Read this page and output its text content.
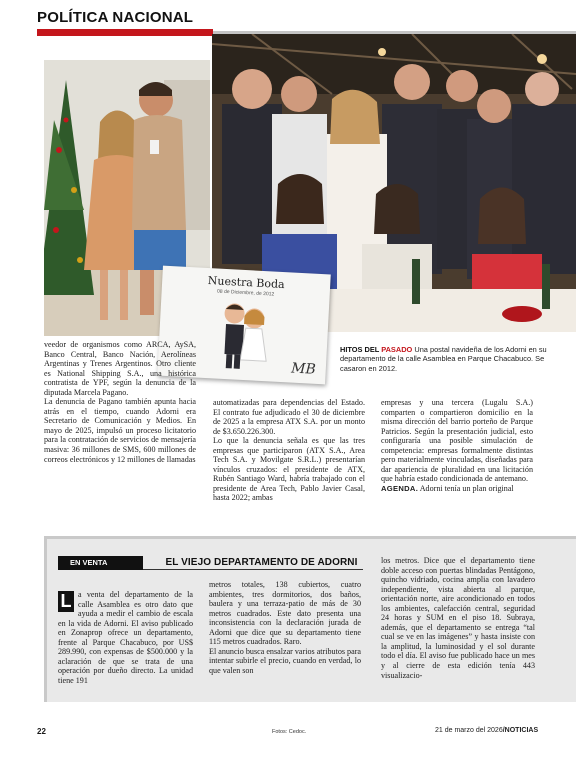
POLÍTICA NACIONAL
Nuestra Boda
08 de Diciembre, de 2012
MB
HITOS DEL PASADO Una postal navideña de los Adorni en su departamento de la calle Asamblea en Parque Chacabuco. Se casaron en 2012.

veedor de organismos como ARCA, AySA, Banco Central, Banco Nación, Aerolíneas Argentinas y Trenes Argentinos. Otro cliente es National Shipping S.A., una histórica contratista de YPF, según la denuncia de la diputada Marcela Pagano.

La denuncia de Pagano también apunta hacia atrás en el tiempo, cuando Adorni era Secretario de Comunicación y Medios. En mayo de 2025, impulsó un proceso licitatorio para la contratación de servicios de mensajería masiva: 36 millones de SMS, 600 millones de correos electrónicos y 12 millones de llamadas

automatizadas para dependencias del Estado. El contrato fue adjudicado el 30 de diciembre de 2025 a la empresa ATX S.A. por un monto de $3.650.226.300.

Lo que la denuncia señala es que las tres empresas que participaron (ATX S.A., Area Tech S.A. y Movilgate S.R.L.) presentarían vínculos cruzados: el presidente de ATX, Rubén Santiago Ward, habría trabajado con el presidente de Area Tech, Pablo Javier Casal, hasta 2022; ambas

empresas y una tercera (Lugalu S.A.) comparten o compartieron domicilio en la misma dirección del barrio porteño de Parque Patricios. Según la presentación judicial, esto configuraría una posible simulación de competencia: empresas formalmente distintas pero materialmente vinculadas, diseñadas para dar apariencia de pluralidad en una licitación que habría estado condicionada de antemano.

AGENDA. Adorni tenía un plan original

EN VENTA	EL VIEJO DEPARTAMENTO DE ADORNI

L a venta del departamento de la calle Asamblea es otro dato que ayuda a medir el cambio de escala en la vida de Adorni. El aviso publicado en Zonaprop ofrece un departamento, frente al Parque Chacabuco, por US$ 289.990, con expensas de $500.000 y la aclaración de que se trata de una operación por dueño directo. La unidad tiene 191

metros totales, 138 cubiertos, cuatro ambientes, tres dormitorios, dos baños, baulera y una terraza-patio de más de 30 metros cuadrados. Este dato presenta una inconsistencia con la declaración jurada de Adorni que dice que su departamento tiene 115 metros cuadrados. Raro.

El anuncio busca ensalzar varios atributos para intentar subirle el precio, cuando en verdad, lo que valen son

los metros. Dice que el departamento tiene doble acceso con puertas blindadas Pentágono, quincho vidriado, cocina amplia con lavadero independiente, vista abierta al parque, orientación norte, aire acondicionado en todos los ambientes, calefacción central, seguridad 24 horas y SUM en el piso 18. Subraya, además, que el departamento se entrega “tal cual se ve en las imágenes” y hasta insiste con la amplitud, la luminosidad y el sol durante todo el día. El aviso fue publicado hace un mes y al cierre de esta edición tenía 443 visualizacio-

22	Fotos: Cedoc.	21 de marzo del 2026/NOTICIAS
